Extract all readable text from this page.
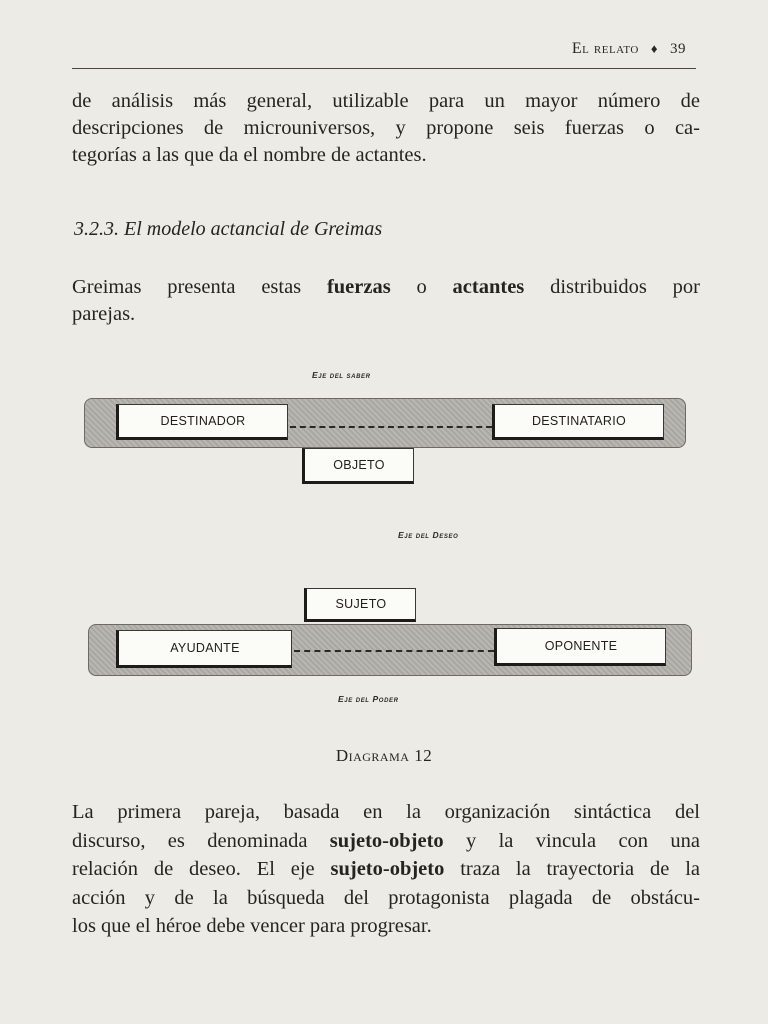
El relato ♦ 39

de análisis más general, utilizable para un mayor número de
descripciones de microuniversos, y propone seis fuerzas o ca-
tegorías a las que da el nombre de actantes.

3.2.3. El modelo actancial de Greimas

Greimas presenta estas fuerzas o actantes distribuidos por
parejas.

Eje del saber
DESTINADOR	DESTINATARIO
OBJETO
Eje del Deseo
SUJETO
AYUDANTE	OPONENTE
Eje del Poder
Diagrama 12

La primera pareja, basada en la organización sintáctica del
discurso, es denominada sujeto-objeto y la vincula con una
relación de deseo. El eje sujeto-objeto traza la trayectoria de la
acción y de la búsqueda del protagonista plagada de obstácu-
los que el héroe debe vencer para progresar.
